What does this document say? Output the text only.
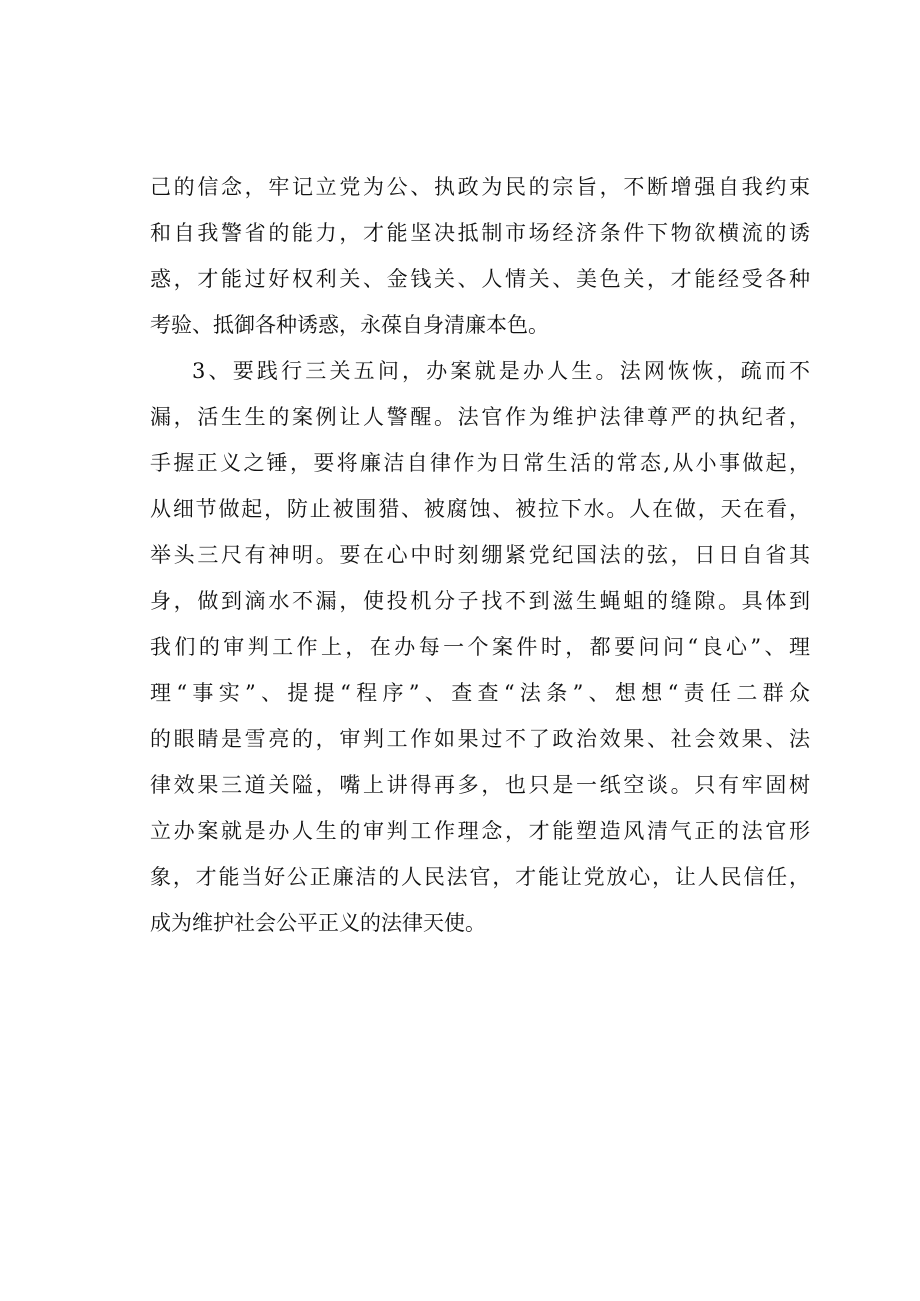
己的信念，牢记立党为公、执政为民的宗旨，不断增强自我约束
和自我警省的能力，才能坚决抵制市场经济条件下物欲横流的诱
惑，才能过好权利关、金钱关、人情关、美色关，才能经受各种
考验、抵御各种诱惑，永葆自身清廉本色。
3、要践行三关五问，办案就是办人生。法网恢恢，疏而不
漏，活生生的案例让人警醒。法官作为维护法律尊严的执纪者，
手握正义之锤，要将廉洁自律作为日常生活的常态,从小事做起，
从细节做起，防止被围猎、被腐蚀、被拉下水。人在做，天在看，
举头三尺有神明。要在心中时刻绷紧党纪国法的弦，日日自省其
身，做到滴水不漏，使投机分子找不到滋生蝇蛆的缝隙。具体到
我们的审判工作上，在办每一个案件时，都要问问“良心”、理
理“事实”、提提“程序”、查查“法条”、想想“责任二群众
的眼睛是雪亮的，审判工作如果过不了政治效果、社会效果、法
律效果三道关隘，嘴上讲得再多，也只是一纸空谈。只有牢固树
立办案就是办人生的审判工作理念，才能塑造风清气正的法官形
象，才能当好公正廉洁的人民法官，才能让党放心，让人民信任，
成为维护社会公平正义的法律天使。
